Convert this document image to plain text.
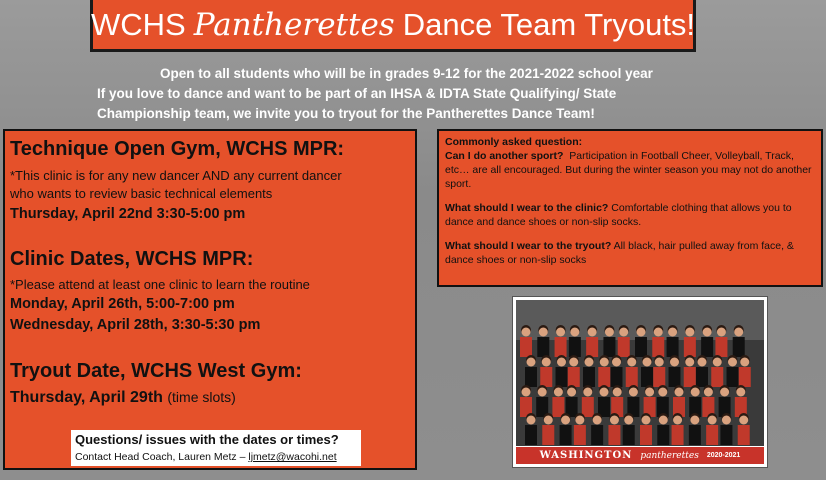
WCHS Pantherettes Dance Team Tryouts!
Open to all students who will be in grades 9-12 for the 2021-2022 school year
If you love to dance and want to be part of an IHSA & IDTA State Qualifying/ State
Championship team, we invite you to tryout for the Pantherettes Dance Team!
Technique Open Gym, WCHS MPR:
*This clinic is for any new dancer AND any current dancer
who wants to review basic technical elements
Thursday, April 22nd 3:30-5:00 pm
Clinic Dates, WCHS MPR:
*Please attend at least one clinic to learn the routine
Monday, April 26th, 5:00-7:00 pm
Wednesday, April 28th, 3:30-5:30 pm
Tryout Date, WCHS West Gym:
Thursday, April 29th (time slots)
Questions/ issues with the dates or times?
Contact Head Coach, Lauren Metz – ljmetz@wacohi.net

Commonly asked question:

Can I do another sport? Participation in Football Cheer, Volleyball, Track, etc… are all encouraged. But during the winter season you may not do another sport.

What should I wear to the clinic? Comfortable clothing that allows you to dance and dance shoes or non-slip socks.

What should I wear to the tryout? All black, hair pulled away from face, & dance shoes or non-slip socks

WASHINGTON pantherettes 2020-2021
